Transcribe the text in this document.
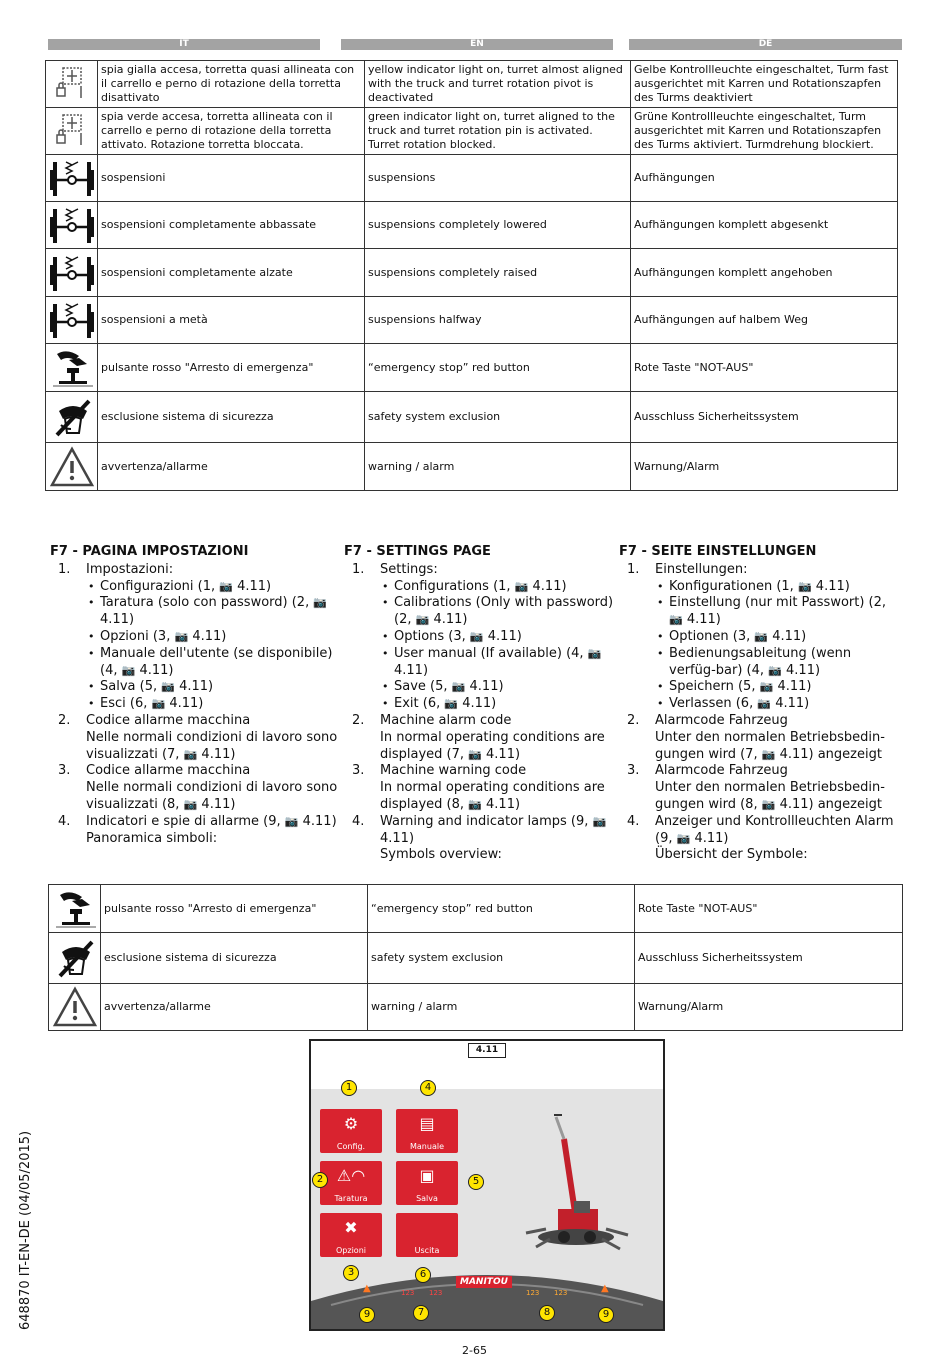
IT	EN	DE
	spia gialla accesa, torretta quasi allineata con il carrello e perno di rotazione della torretta disattivato	yellow indicator light on, turret almost aligned with the truck and turret rotation pivot is deactivated	Gelbe Kontrollleuchte eingeschaltet, Turm fast ausgerichtet mit Karren und Rotationszapfen des Turms deaktiviert

	spia verde accesa, torretta allineata con il carrello e perno di rotazione della torretta attivato. Rotazione torretta bloccata.	green indicator light on, turret aligned to the truck and turret rotation pin is activated. Turret rotation blocked.	Grüne Kontrollleuchte eingeschaltet, Turm ausgerichtet mit Karren und Rotationszapfen des Turms aktiviert. Turmdrehung blockiert.

	sospensioni	suspensions	Aufhängungen

	sospensioni completamente abbassate	suspensions completely lowered	Aufhängungen komplett abgesenkt

	sospensioni completamente alzate	suspensions completely raised	Aufhängungen komplett angehoben

	sospensioni a metà	suspensions halfway	Aufhängungen auf halbem Weg

	pulsante rosso "Arresto di emergenza"	“emergency stop” red button	Rote Taste "NOT-AUS"

	esclusione sistema di sicurezza	safety system exclusion	Ausschluss Sicherheitssystem

	avvertenza/allarme	warning / alarm	Warnung/Alarm
F7 - PAGINA IMPOSTAZIONI
1. Impostazioni:
• Configurazioni (1, 📷 4.11)
• Taratura (solo con password) (2, 📷 4.11)
• Opzioni (3, 📷 4.11)
• Manuale dell'utente (se disponibile) (4, 📷 4.11)
• Salva (5, 📷 4.11)
• Esci (6, 📷 4.11)
2. Codice allarme macchina
Nelle normali condizioni di lavoro sono visualizzati (7, 📷 4.11)
3. Codice allarme macchina
Nelle normali condizioni di lavoro sono visualizzati (8, 📷 4.11)
4. Indicatori e spie di allarme (9, 📷 4.11)
Panoramica simboli:
F7 - SETTINGS PAGE
1. Settings:
• Configurations (1, 📷 4.11)
• Calibrations (Only with password) (2, 📷 4.11)
• Options (3, 📷 4.11)
• User manual (If available) (4, 📷 4.11)
• Save (5, 📷 4.11)
• Exit (6, 📷 4.11)
2. Machine alarm code
In normal operating conditions are displayed (7, 📷 4.11)
3. Machine warning code
In normal operating conditions are displayed (8, 📷 4.11)
4. Warning and indicator lamps (9, 📷 4.11)
Symbols overview:
F7 - SEITE EINSTELLUNGEN
1. Einstellungen:
• Konfigurationen (1, 📷 4.11)
• Einstellung (nur mit Passwort) (2, 📷 4.11)
• Optionen (3, 📷 4.11)
• Bedienungsableitung (wenn verfüg-bar) (4, 📷 4.11)
• Speichern (5, 📷 4.11)
• Verlassen (6, 📷 4.11)
2. Alarmcode Fahrzeug
Unter den normalen Betriebsbedin-gungen wird (7, 📷 4.11) angezeigt
3. Alarmcode Fahrzeug
Unter den normalen Betriebsbedin-gungen wird (8, 📷 4.11) angezeigt
4. Anzeiger und Kontrollleuchten Alarm (9, 📷 4.11)
Übersicht der Symbole:
	pulsante rosso "Arresto di emergenza"	“emergency stop” red button	Rote Taste "NOT-AUS"

	esclusione sistema di sicurezza	safety system exclusion	Ausschluss Sicherheitssystem

	avvertenza/allarme	warning / alarm	Warnung/Alarm
4.11
⚙
Config.
▤
Manuale
⚠◠
Taratura
▣
Salva
✖
Opzioni	Uscita
MANITOU
123 123	123 123
▲	▲
1	4
2	5
3	6
9	7	8	9
648870 IT-EN-DE (04/05/2015)
2-65
